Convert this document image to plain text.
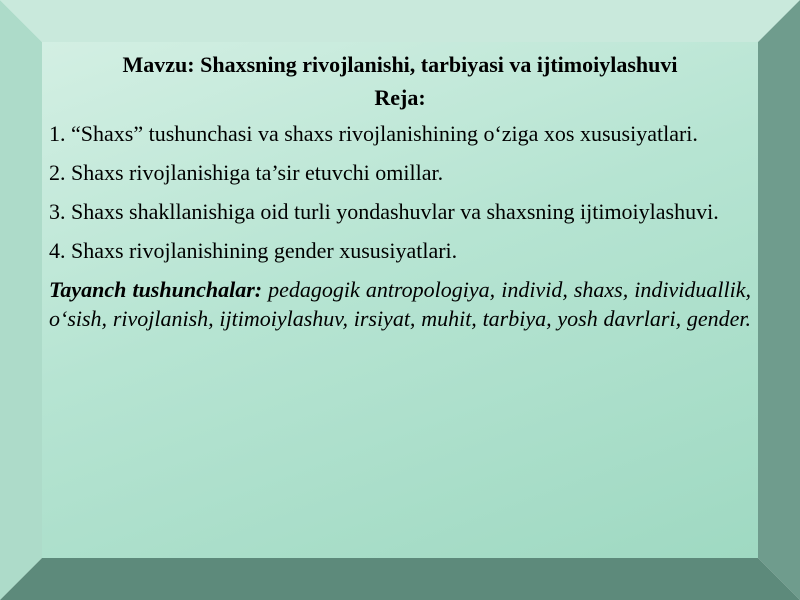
Mavzu: Shaxsning rivojlanishi, tarbiyasi va ijtimoiylashuvi
Reja:
1. “Shaxs” tushunchasi va shaxs rivojlanishining o‘ziga xos xususiyatlari.
2. Shaxs rivojlanishiga ta’sir etuvchi omillar.
3. Shaxs shakllanishiga oid turli yondashuvlar va shaxsning ijtimoiylashuvi.
4. Shaxs rivojlanishining gender xususiyatlari.
Tayanch tushunchalar: pedagogik antropologiya, individ, shaxs, individuallik, o‘sish, rivojlanish, ijtimoiylashuv, irsiyat, muhit, tarbiya, yosh davrlari, gender.
